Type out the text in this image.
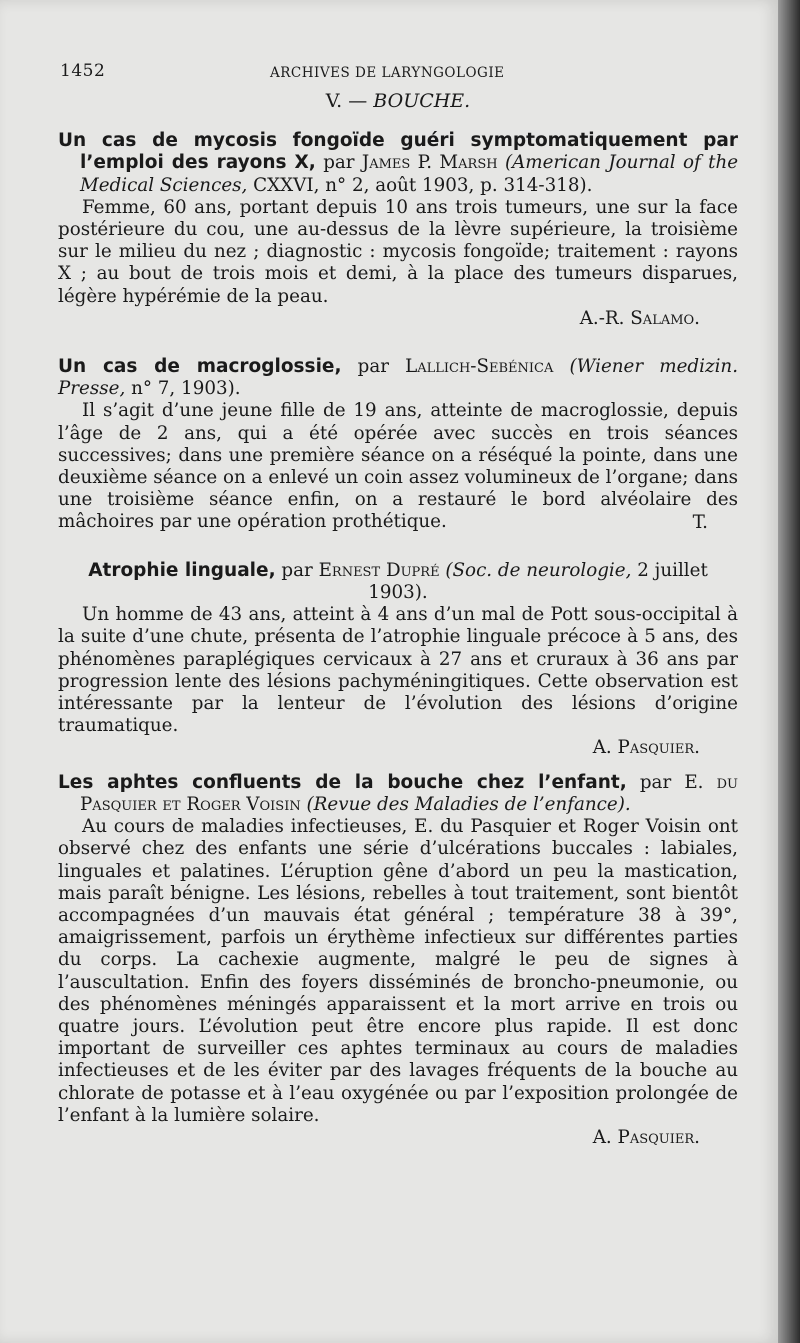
1452	ARCHIVES DE LARYNGOLOGIE
V. — BOUCHE.

Un cas de mycosis fongoïde guéri symptomatiquement par l’emploi des rayons X, par James P. Marsh (American Journal of the Medical Sciences, CXXVI, n° 2, août 1903, p. 314-318).

Femme, 60 ans, portant depuis 10 ans trois tumeurs, une sur la face postérieure du cou, une au-dessus de la lèvre supérieure, la troisième sur le milieu du nez ; diagnostic : mycosis fongoïde; traitement : rayons X ; au bout de trois mois et demi, à la place des tumeurs disparues, légère hypérémie de la peau.

A.-R. Salamo.

Un cas de macroglossie, par Lallich-Sebénica (Wiener medizin. Presse, n° 7, 1903).

Il s’agit d’une jeune fille de 19 ans, atteinte de macroglossie, depuis l’âge de 2 ans, qui a été opérée avec succès en trois séances successives; dans une première séance on a réséqué la pointe, dans une deuxième séance on a enlevé un coin assez volumineux de l’organe; dans une troisième séance enfin, on a restauré le bord alvéolaire des mâchoires par une opération prothétique.	T.

Atrophie linguale, par Ernest Dupré (Soc. de neurologie, 2 juillet 1903).

Un homme de 43 ans, atteint à 4 ans d’un mal de Pott sous-occipital à la suite d’une chute, présenta de l’atrophie linguale précoce à 5 ans, des phénomènes paraplégiques cervicaux à 27 ans et cruraux à 36 ans par progression lente des lésions pachyméningitiques. Cette observation est intéressante par la lenteur de l’évolution des lésions d’origine traumatique.

A. Pasquier.

Les aphtes confluents de la bouche chez l’enfant, par E. du Pasquier et Roger Voisin (Revue des Maladies de l’enfance).

Au cours de maladies infectieuses, E. du Pasquier et Roger Voisin ont observé chez des enfants une série d’ulcérations buccales : labiales, linguales et palatines. L’éruption gêne d’abord un peu la mastication, mais paraît bénigne. Les lésions, rebelles à tout traitement, sont bientôt accompagnées d’un mauvais état général ; température 38 à 39°, amaigrissement, parfois un érythème infectieux sur différentes parties du corps. La cachexie augmente, malgré le peu de signes à l’auscultation. Enfin des foyers disséminés de broncho-pneumonie, ou des phénomènes méningés apparaissent et la mort arrive en trois ou quatre jours. L’évolution peut être encore plus rapide. Il est donc important de surveiller ces aphtes terminaux au cours de maladies infectieuses et de les éviter par des lavages fréquents de la bouche au chlorate de potasse et à l’eau oxygénée ou par l’exposition prolongée de l’enfant à la lumière solaire.

A. Pasquier.
